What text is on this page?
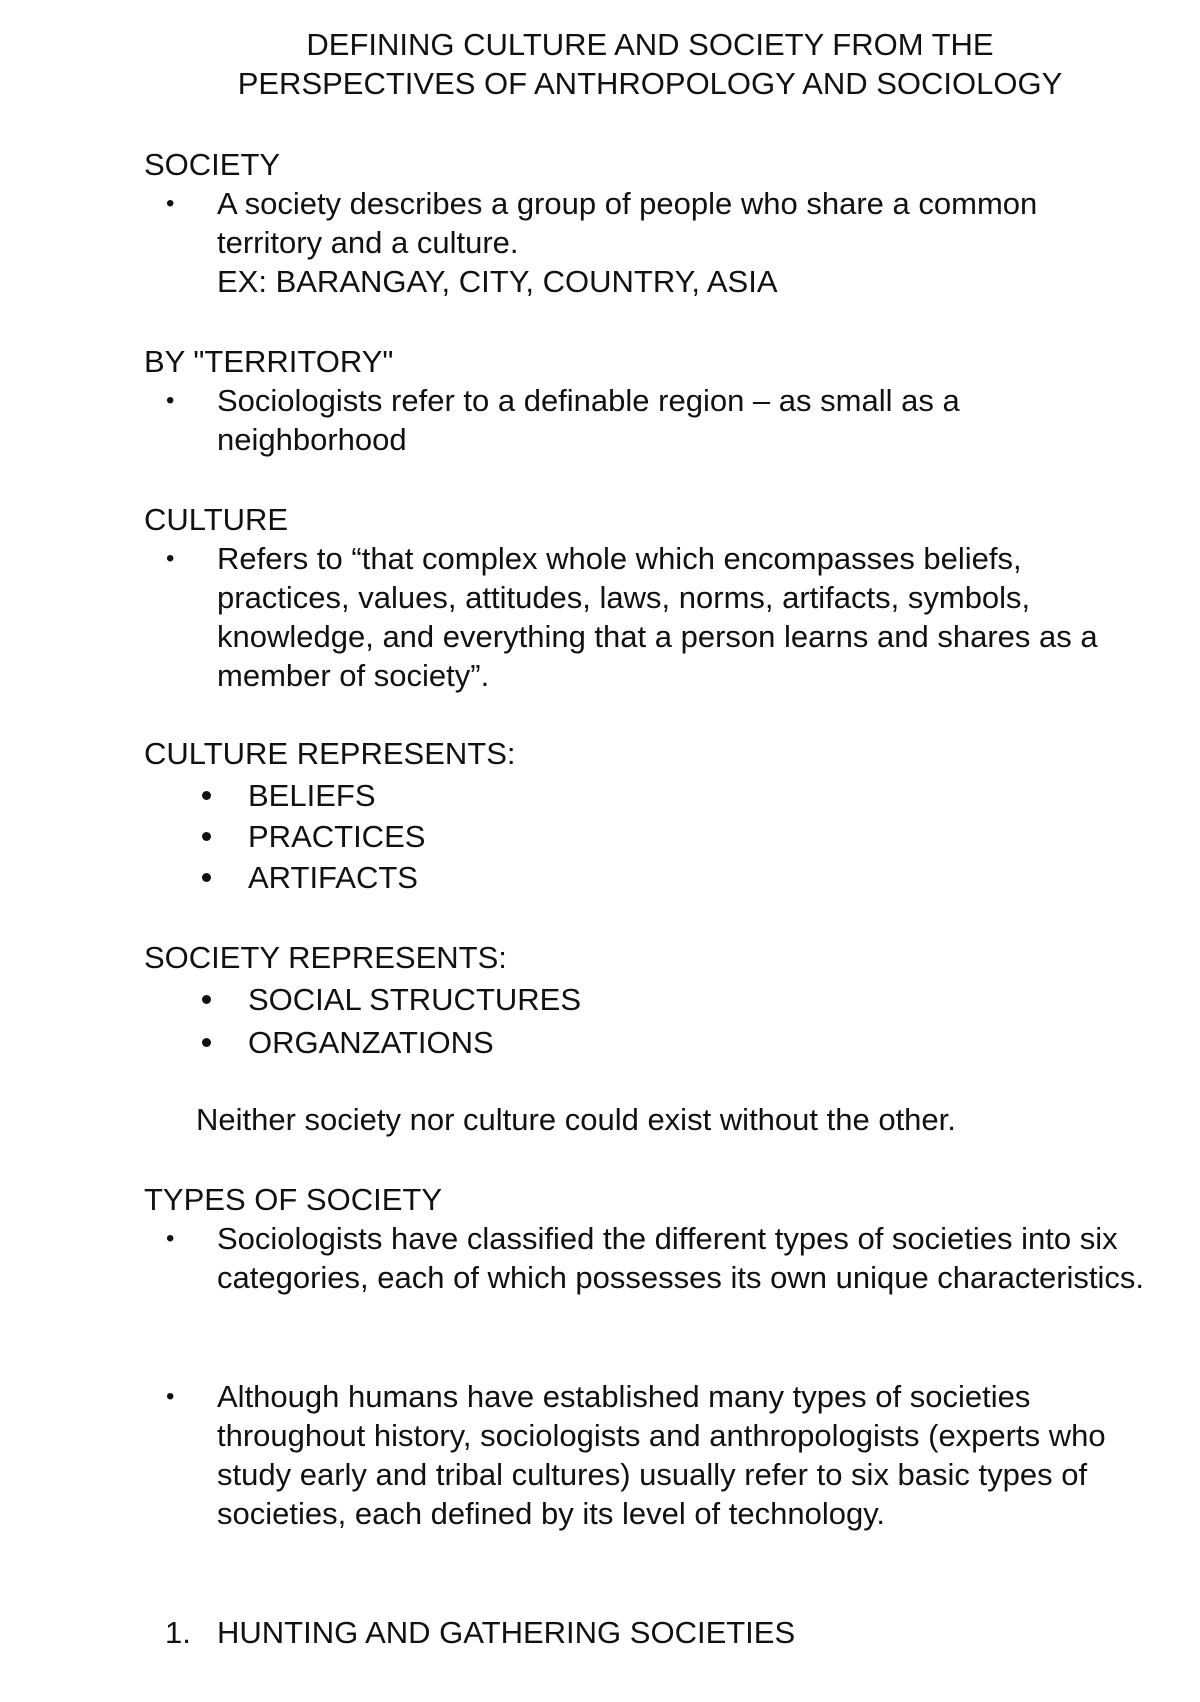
DEFINING CULTURE AND SOCIETY FROM THE
PERSPECTIVES OF ANTHROPOLOGY AND SOCIOLOGY
SOCIETY
• A society describes a group of people who share a common territory and a culture.
EX: BARANGAY, CITY, COUNTRY, ASIA
BY "TERRITORY"
• Sociologists refer to a definable region – as small as a neighborhood
CULTURE
• Refers to “that complex whole which encompasses beliefs, practices, values, attitudes, laws, norms, artifacts, symbols, knowledge, and everything that a person learns and shares as a member of society”.
CULTURE REPRESENTS:
BELIEFS
PRACTICES
ARTIFACTS
SOCIETY REPRESENTS:
SOCIAL STRUCTURES
ORGANZATIONS
Neither society nor culture could exist without the other.
TYPES OF SOCIETY
• Sociologists have classified the different types of societies into six categories, each of which possesses its own unique characteristics.
• Although humans have established many types of societies throughout history, sociologists and anthropologists (experts who study early and tribal cultures) usually refer to six basic types of societies, each defined by its level of technology.
1. HUNTING AND GATHERING SOCIETIES
